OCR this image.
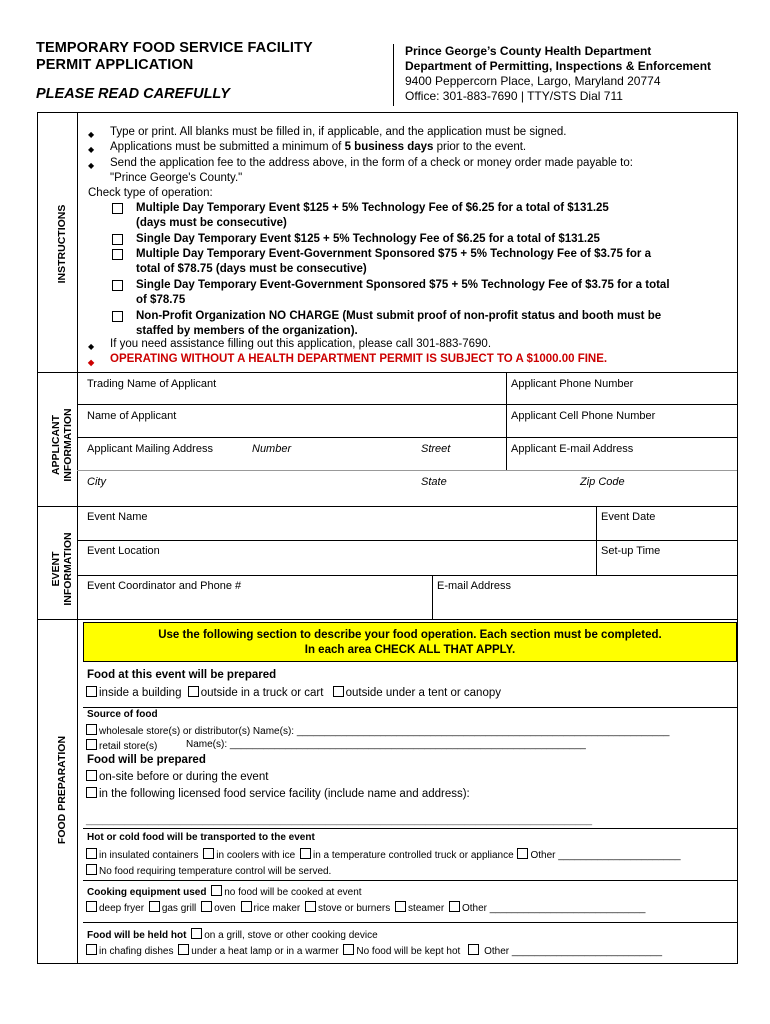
TEMPORARY FOOD SERVICE FACILITY
PERMIT APPLICATION
PLEASE READ CAREFULLY
Prince George’s County Health Department
Department of Permitting, Inspections & Enforcement
9400 Peppercorn Place, Largo, Maryland 20774
Office: 301-883-7690 | TTY/STS Dial 711
INSTRUCTIONS
◆ Type or print. All blanks must be filled in, if applicable, and the application must be signed.
◆ Applications must be submitted a minimum of 5 business days prior to the event.
◆ Send the application fee to the address above, in the form of a check or money order made payable to:
"Prince George's County."
Check type of operation:
Multiple Day Temporary Event $125 + 5% Technology Fee of $6.25 for a total of $131.25
(days must be consecutive)
Single Day Temporary Event $125 + 5% Technology Fee of $6.25 for a total of $131.25
Multiple Day Temporary Event-Government Sponsored $75 + 5% Technology Fee of $3.75 for a
total of $78.75 (days must be consecutive)
Single Day Temporary Event-Government Sponsored $75 + 5% Technology Fee of $3.75 for a total
of $78.75
Non-Profit Organization NO CHARGE (Must submit proof of non-profit status and booth must be
staffed by members of the organization).
◆ If you need assistance filling out this application, please call 301-883-7690.
◆ OPERATING WITHOUT A HEALTH DEPARTMENT PERMIT IS SUBJECT TO A $1000.00 FINE.
APPLICANT INFORMATION
Trading Name of Applicant	Applicant Phone Number
Name of Applicant	Applicant Cell Phone Number
Applicant Mailing Address	Number	Street	Applicant E-mail Address
City	State	Zip Code
EVENT INFORMATION
Event Name	Event Date
Event Location	Set-up Time
Event Coordinator and Phone #	E-mail Address
FOOD PREPARATION
Use the following section to describe your food operation. Each section must be completed.
In each area CHECK ALL THAT APPLY.
Food at this event will be prepared
inside a building outside in a truck or cart outside under a tent or canopy
Source of food
wholesale store(s) or distributor(s) Name(s): ___________________________________________________________________
retail store(s)	Name(s): ________________________________________________________________
Food will be prepared
on-site before or during the event
in the following licensed food service facility (include name and address):
___________________________________________________________________________________________
Hot or cold food will be transported to the event
in insulated containers in coolers with ice in a temperature controlled truck or appliance Other ______________________
No food requiring temperature control will be served.
Cooking equipment used no food will be cooked at event
deep fryer gas grill oven rice maker stove or burners steamer Other ____________________________
Food will be held hot on a grill, stove or other cooking device
in chafing dishes under a heat lamp or in a warmer No food will be kept hot Other ___________________________
